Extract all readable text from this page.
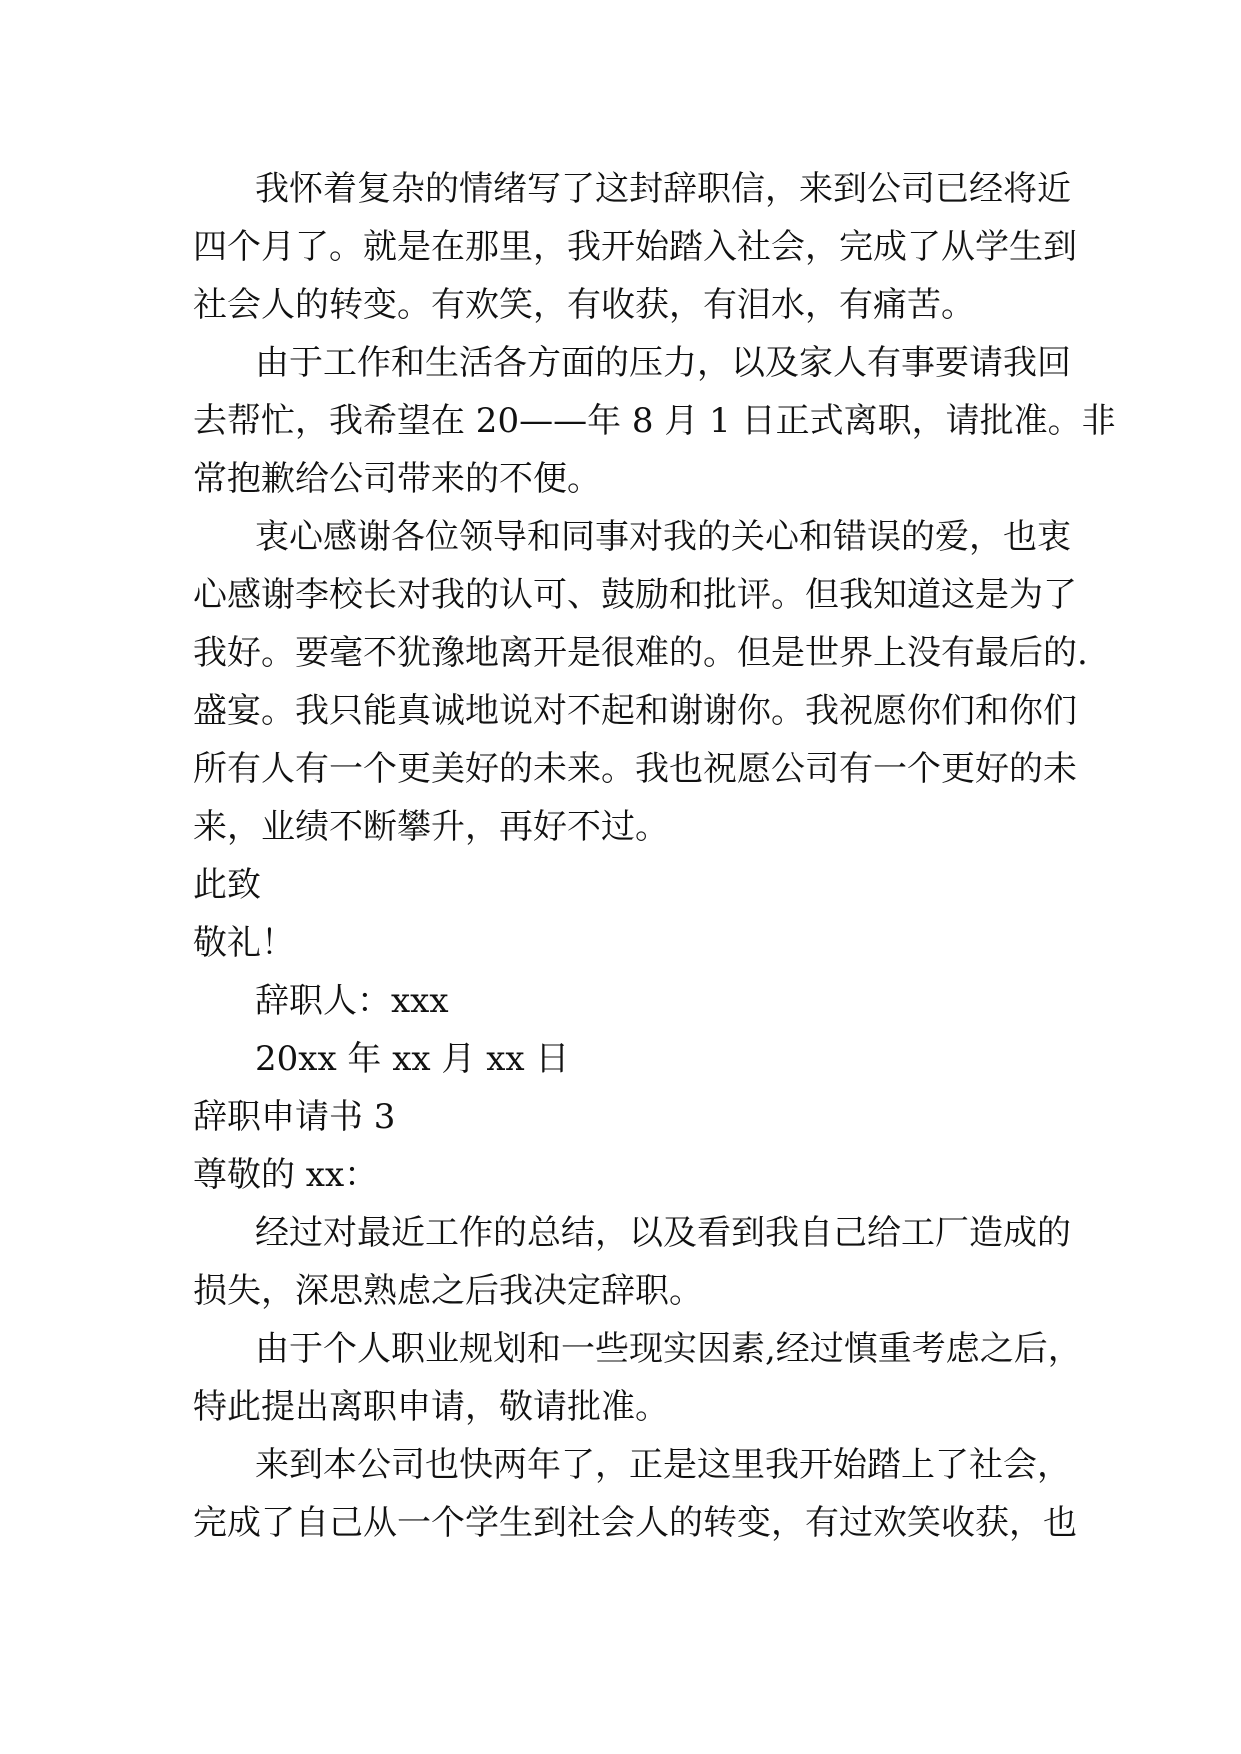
我怀着复杂的情绪写了这封辞职信，来到公司已经将近
四个月了。就是在那里，我开始踏入社会，完成了从学生到
社会人的转变。有欢笑，有收获，有泪水，有痛苦。
由于工作和生活各方面的压力，以及家人有事要请我回
去帮忙，我希望在 20——年 8 月 1 日正式离职，请批准。非
常抱歉给公司带来的不便。
衷心感谢各位领导和同事对我的关心和错误的爱，也衷
心感谢李校长对我的认可、鼓励和批评。但我知道这是为了
我好。要毫不犹豫地离开是很难的。但是世界上没有最后的.
盛宴。我只能真诚地说对不起和谢谢你。我祝愿你们和你们
所有人有一个更美好的未来。我也祝愿公司有一个更好的未
来，业绩不断攀升，再好不过。
此致
敬礼！
辞职人：xxx
20xx 年 xx 月 xx 日
辞职申请书 3
尊敬的 xx：
经过对最近工作的总结，以及看到我自己给工厂造成的
损失，深思熟虑之后我决定辞职。
由于个人职业规划和一些现实因素,经过慎重考虑之后，
特此提出离职申请，敬请批准。
来到本公司也快两年了，正是这里我开始踏上了社会，
完成了自己从一个学生到社会人的转变，有过欢笑收获，也
